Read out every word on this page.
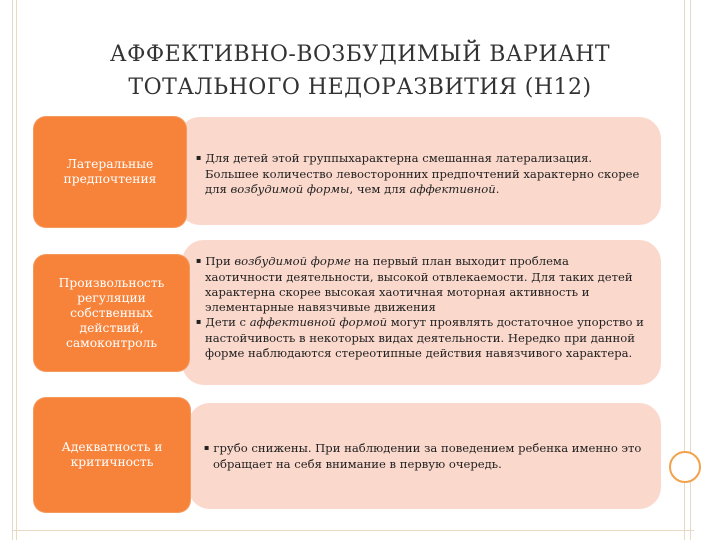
АФФЕКТИВНО-ВОЗБУДИМЫЙ ВАРИАНТ
ТОТАЛЬНОГО НЕДОРАЗВИТИЯ (Н12)
▪ Для детей этой группыхарактерна смешанная латерализация. Большее количество левосторонних предпочтений характерно скорее для возбудимой формы, чем для аффективной.
Латеральные предпочтения
▪ При возбудимой форме на первый план выходит проблема хаотичности деятельности, высокой отвлекаемости. Для таких детей характерна скорее высокая хаотичная моторная активность и элементарные навязчивые движения
▪ Дети с аффективной формой могут проявлять достаточное упорство и настойчивость в некоторых видах деятельности. Нередко при данной форме наблюдаются стереотипные действия навязчивого характера.
Произвольность регуляции собственных действий, самоконтроль
▪ грубо снижены. При наблюдении за поведением ребенка именно это обращает на себя внимание в первую очередь.
Адекватность и критичность
